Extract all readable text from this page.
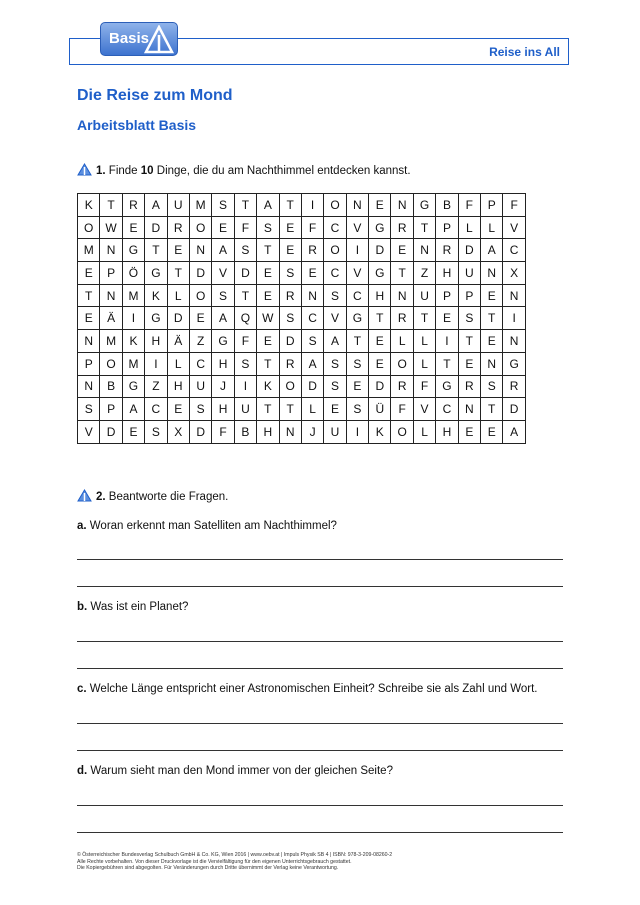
Reise ins All
Basis
Die Reise zum Mond
Arbeitsblatt Basis
1. Finde 10 Dinge, die du am Nachthimmel entdecken kannst.
K	T	R	A	U	M	S	T	A	T	I	O	N	E	N	G	B	F	P	F
O	W	E	D	R	O	E	F	S	E	F	C	V	G	R	T	P	L	L	V
M	N	G	T	E	N	A	S	T	E	R	O	I	D	E	N	R	D	A	C
E	P	Ö	G	T	D	V	D	E	S	E	C	V	G	T	Z	H	U	N	X
T	N	M	K	L	O	S	T	E	R	N	S	C	H	N	U	P	P	E	N
E	Ä	I	G	D	E	A	Q	W	S	C	V	G	T	R	T	E	S	T	I
N	M	K	H	Ä	Z	G	F	E	D	S	A	T	E	L	L	I	T	E	N
P	O	M	I	L	C	H	S	T	R	A	S	S	E	O	L	T	E	N	G
N	B	G	Z	H	U	J	I	K	O	D	S	E	D	R	F	G	R	S	R
S	P	A	C	E	S	H	U	T	T	L	E	S	Ü	F	V	C	N	T	D
V	D	E	S	X	D	F	B	H	N	J	U	I	K	O	L	H	E	E	A
2. Beantworte die Fragen.
a. Woran erkennt man Satelliten am Nachthimmel?
b. Was ist ein Planet?
c. Welche Länge entspricht einer Astronomischen Einheit? Schreibe sie als Zahl und Wort.
d. Warum sieht man den Mond immer von der gleichen Seite?
© Österreichischer Bundesverlag Schulbuch GmbH & Co. KG, Wien 2016 | www.oebv.at | Impuls Physik SB 4 | ISBN: 978-3-209-08260-2
Alle Rechte vorbehalten. Von dieser Druckvorlage ist die Vervielfältigung für den eigenen Unterrichtsgebrauch gestattet.
Die Kopiergebühren sind abgegolten. Für Veränderungen durch Dritte übernimmt der Verlag keine Verantwortung.
